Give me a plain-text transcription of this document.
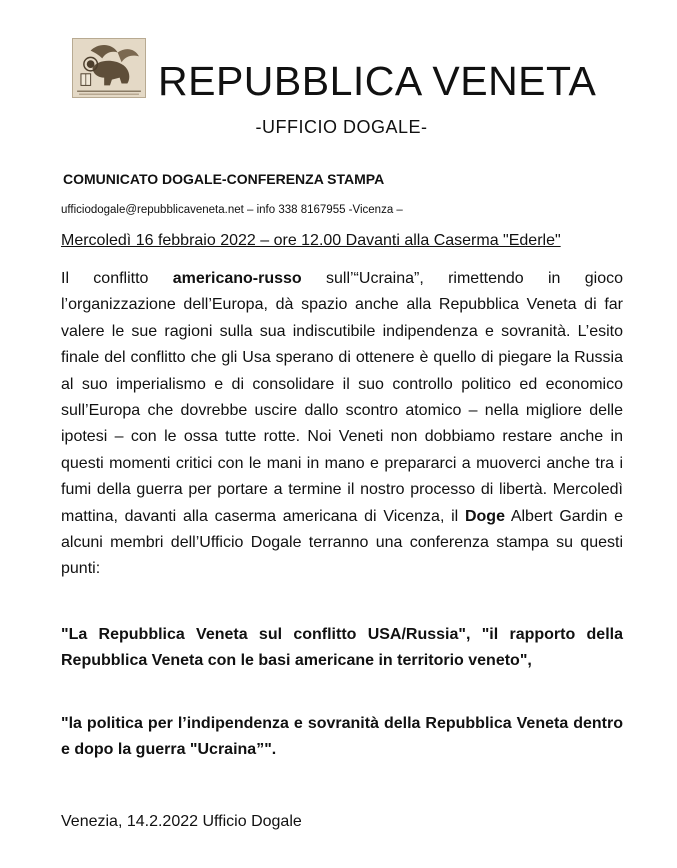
REPUBBLICA VENETA
-UFFICIO DOGALE-
COMUNICATO DOGALE-CONFERENZA STAMPA
ufficiodogale@repubblicaveneta.net – info 338 8167955 -Vicenza –
Mercoledì 16 febbraio 2022 – ore 12.00 Davanti alla Caserma "Ederle"
Il conflitto americano-russo sull’“Ucraina”, rimettendo in gioco l’organizzazione dell’Europa, dà spazio anche alla Repubblica Veneta di far valere le sue ragioni sulla sua indiscutibile indipendenza e sovranità. L’esito finale del conflitto che gli Usa sperano di ottenere è quello di piegare la Russia al suo imperialismo e di consolidare il suo controllo politico ed economico sull’Europa che dovrebbe uscire dallo scontro atomico – nella migliore delle ipotesi – con le ossa tutte rotte. Noi Veneti non dobbiamo restare anche in questi momenti critici con le mani in mano e prepararci a muoverci anche tra i fumi della guerra per portare a termine il nostro processo di libertà. Mercoledì mattina, davanti alla caserma americana di Vicenza, il Doge Albert Gardin e alcuni membri dell’Ufficio Dogale terranno una conferenza stampa su questi punti:
"La Repubblica Veneta sul conflitto USA/Russia", "il rapporto della Repubblica Veneta con le basi americane in territorio veneto",
"la politica per l’indipendenza e sovranità della Repubblica Veneta dentro e dopo la guerra "Ucraina”".
Venezia, 14.2.2022 Ufficio Dogale
